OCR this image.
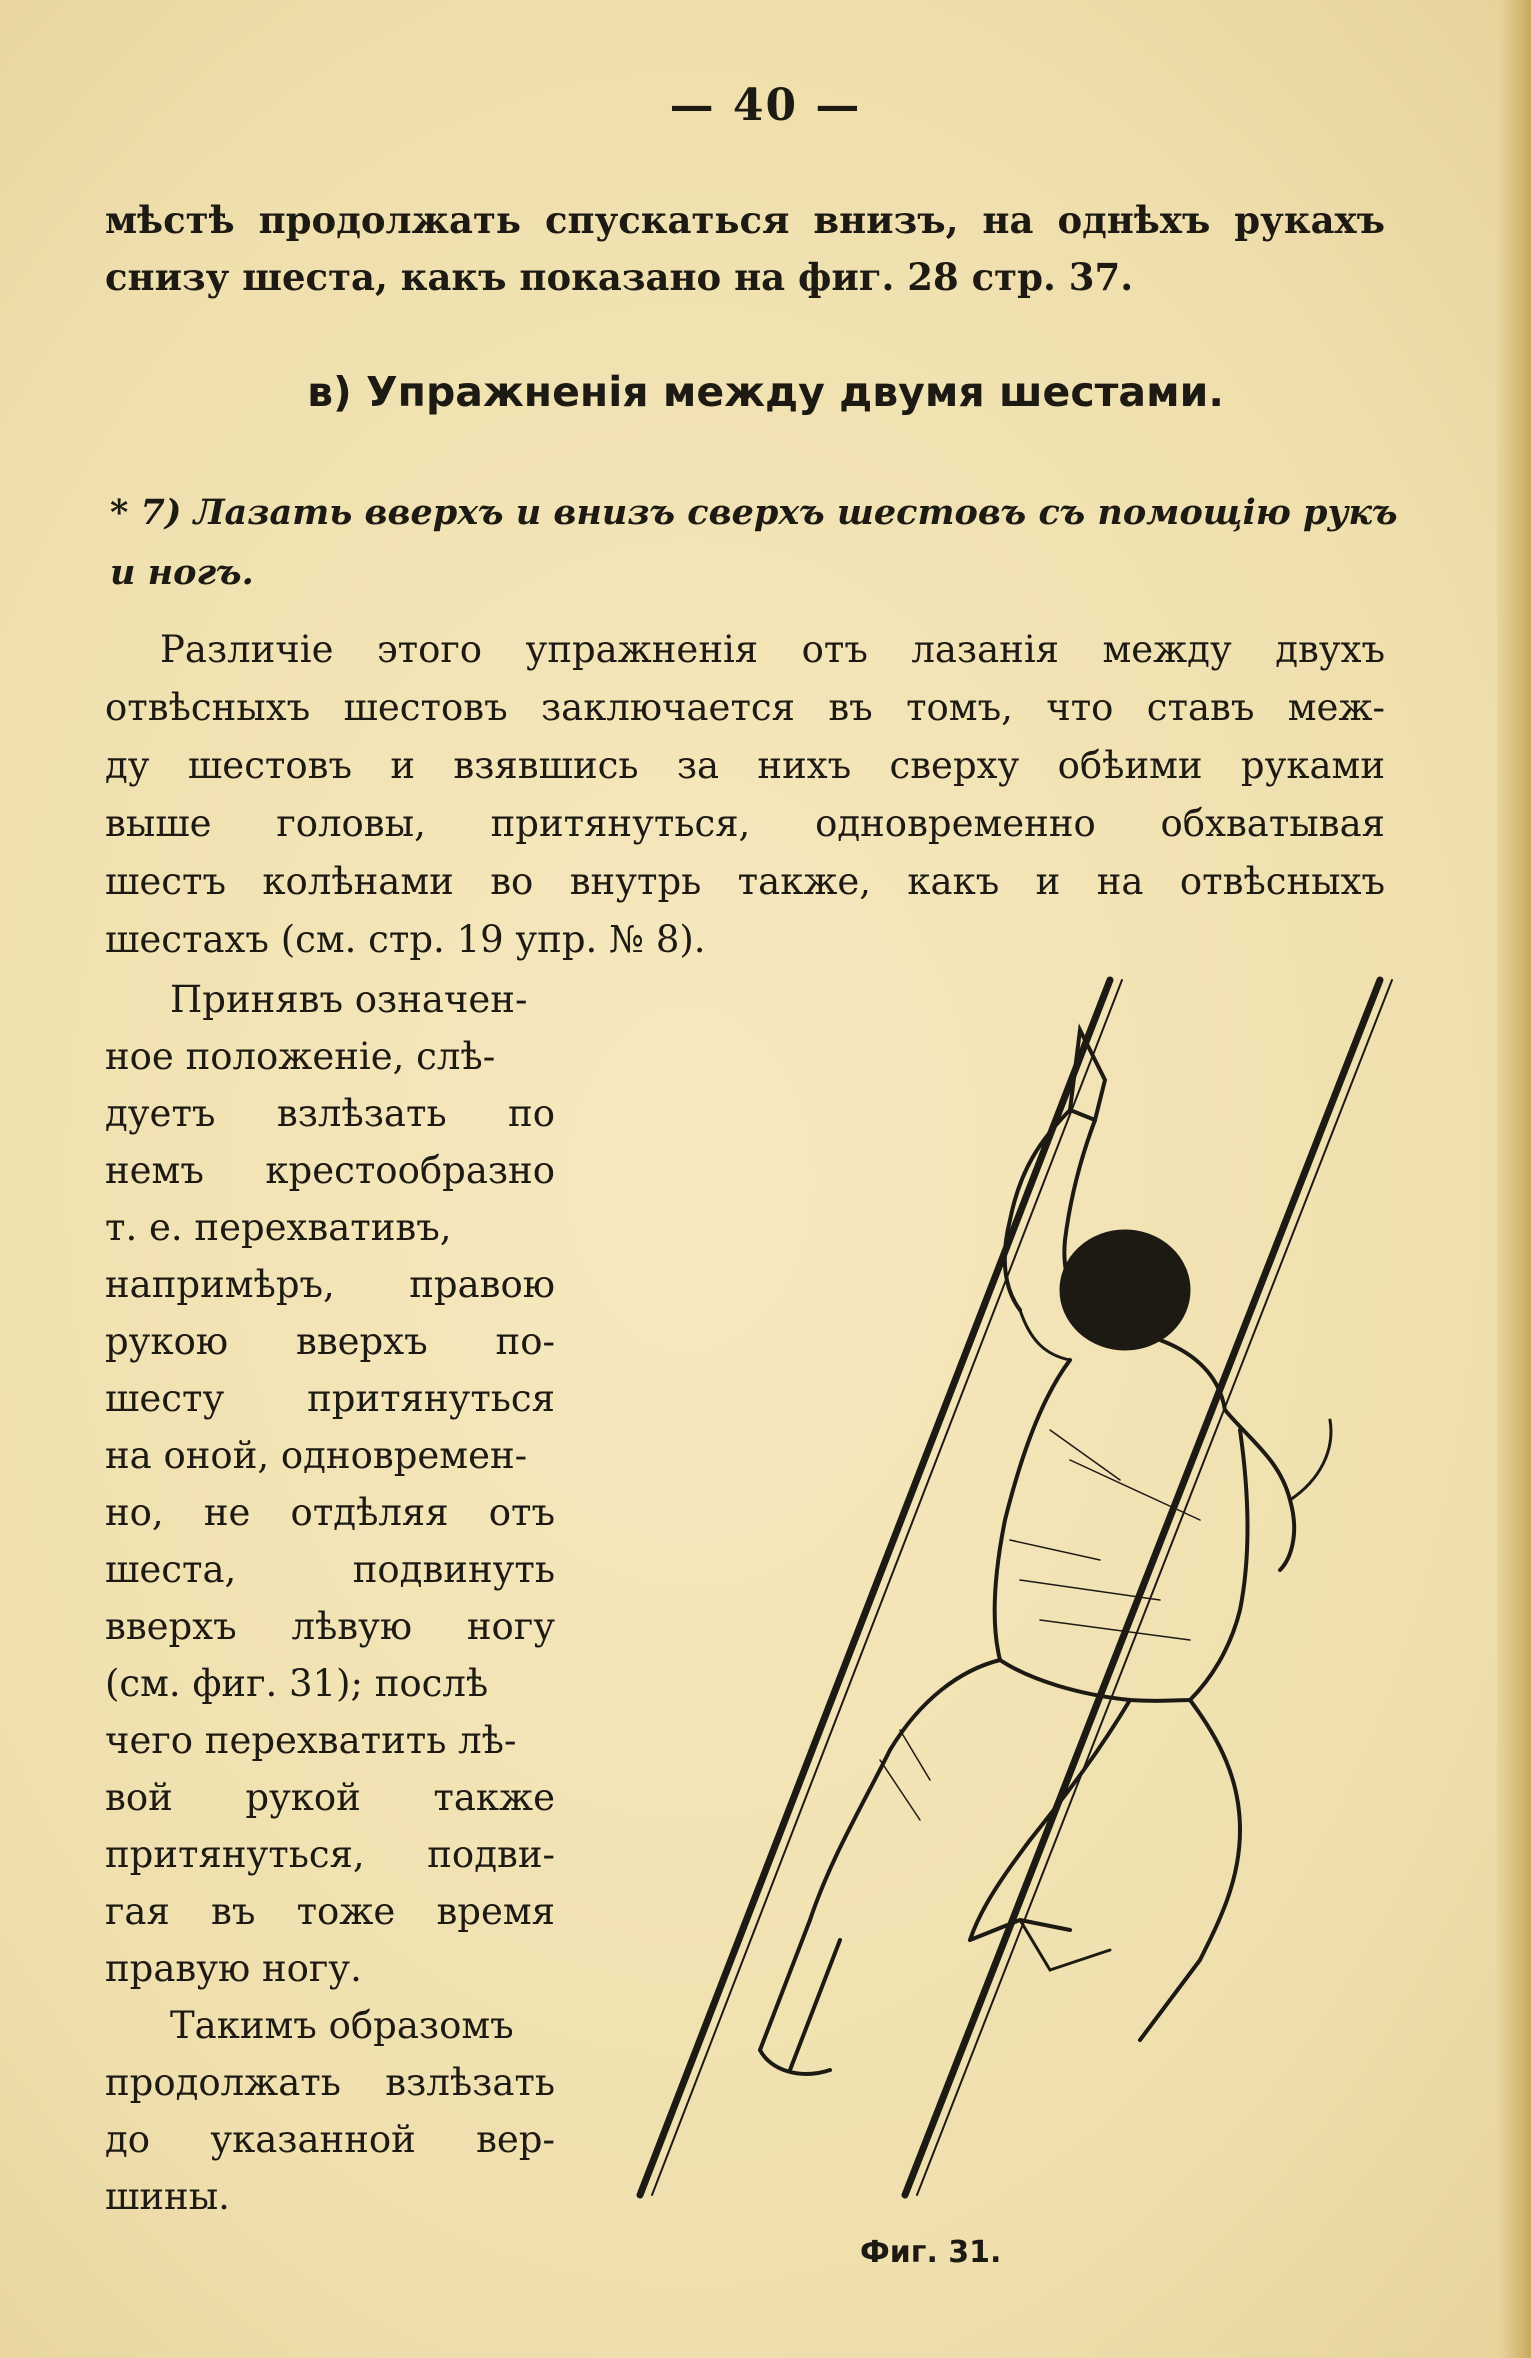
— 40 —
мѣстѣ продолжать спускаться внизъ, на однѣхъ рукахъ
снизу шеста, какъ показано на фиг. 28 стр. 37.
в) Упражненія между двумя шестами.
* 7) Лазать вверхъ и внизъ сверхъ шестовъ съ помощію рукъ
и ногъ.
Различіе этого упражненія отъ лазанія между двухъ
отвѣсныхъ шестовъ заключается въ томъ, что ставъ меж-
ду шестовъ и взявшись за нихъ сверху обѣими руками
выше головы, притянуться, одновременно обхватывая
шестъ колѣнами во внутрь также, какъ и на отвѣсныхъ
шестахъ (см. стр. 19 упр. № 8).
Принявъ означен-
ное положеніе, слѣ-
дуетъ взлѣзать по
немъ крестообразно
т. е. перехвативъ,
напримѣръ, правою
рукою вверхъ по-
шесту притянуться
на оной, одновремен-
но, не отдѣляя отъ
шеста, подвинуть
вверхъ лѣвую ногу
(см. фиг. 31); послѣ
чего перехватить лѣ-
вой рукой также
притянуться, подви-
гая въ тоже время
правую ногу.
Такимъ образомъ
продолжать взлѣзать
до указанной вер-
шины.
Фиг. 31.
